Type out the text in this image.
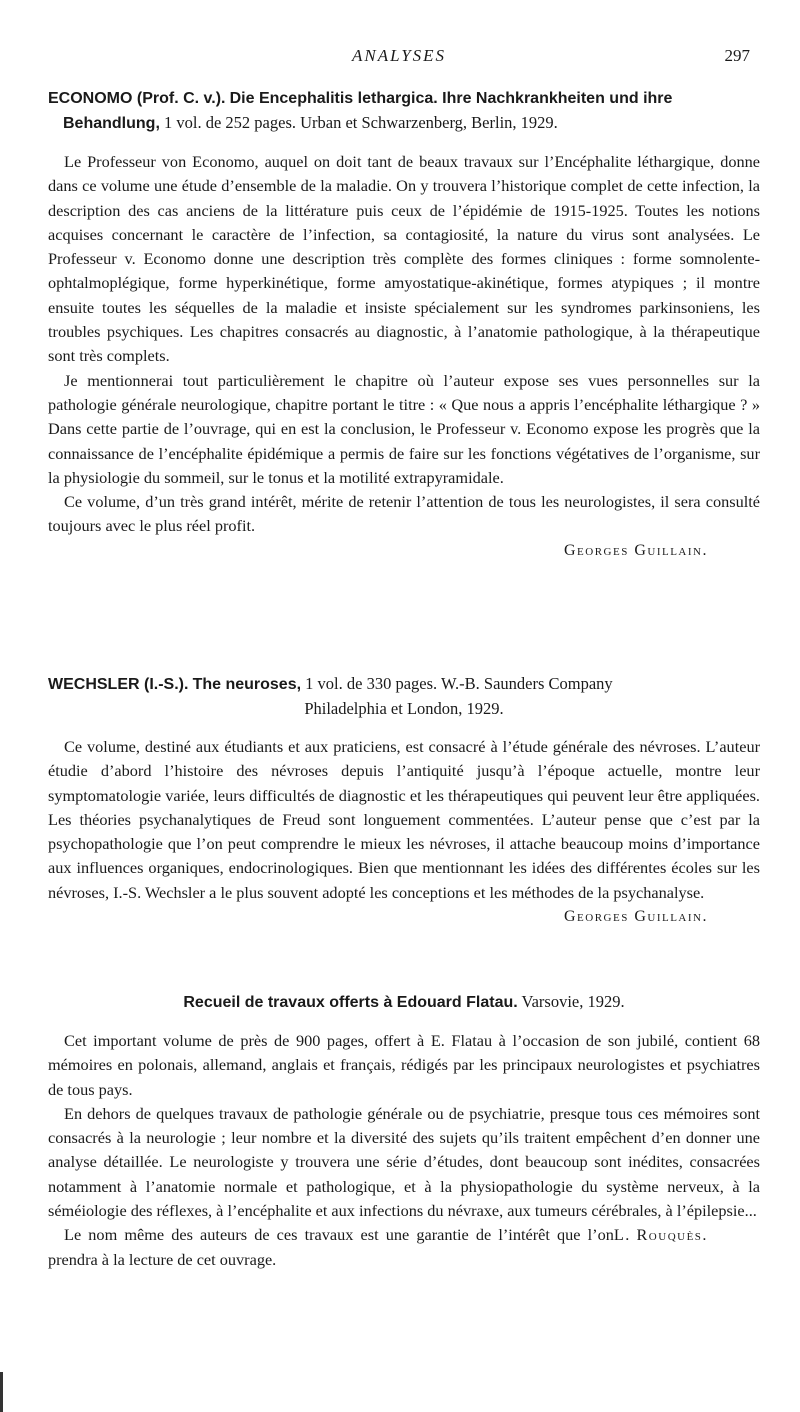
ANALYSES	297

ECONOMO (Prof. C. v.). Die Encephalitis lethargica. Ihre Nachkrankheiten und ihre Behandlung, 1 vol. de 252 pages. Urban et Schwarzenberg, Berlin, 1929.

Le Professeur von Economo, auquel on doit tant de beaux travaux sur l’Encéphalite léthargique, donne dans ce volume une étude d’ensemble de la maladie. On y trouvera l’historique complet de cette infection, la description des cas anciens de la littérature puis ceux de l’épidémie de 1915-1925. Toutes les notions acquises concernant le caractère de l’infection, sa contagiosité, la nature du virus sont analysées. Le Professeur v. Economo donne une description très complète des formes cliniques : forme somnolente-ophtalmoplégique, forme hyperkinétique, forme amyostatique-akinétique, formes atypiques ; il montre ensuite toutes les séquelles de la maladie et insiste spécialement sur les syndromes parkinsoniens, les troubles psychiques. Les chapitres consacrés au diagnostic, à l’anatomie pathologique, à la thérapeutique sont très complets.

Je mentionnerai tout particulièrement le chapitre où l’auteur expose ses vues personnelles sur la pathologie générale neurologique, chapitre portant le titre : « Que nous a appris l’encéphalite léthargique ? » Dans cette partie de l’ouvrage, qui en est la conclusion, le Professeur v. Economo expose les progrès que la connaissance de l’encéphalite épidémique a permis de faire sur les fonctions végétatives de l’organisme, sur la physiologie du sommeil, sur le tonus et la motilité extrapyramidale.

Ce volume, d’un très grand intérêt, mérite de retenir l’attention de tous les neurologistes, il sera consulté toujours avec le plus réel profit.

Georges Guillain.

WECHSLER (I.-S.). The neuroses, 1 vol. de 330 pages. W.-B. Saunders Company
Philadelphia et London, 1929.

Ce volume, destiné aux étudiants et aux praticiens, est consacré à l’étude générale des névroses. L’auteur étudie d’abord l’histoire des névroses depuis l’antiquité jusqu’à l’époque actuelle, montre leur symptomatologie variée, leurs difficultés de diagnostic et les thérapeutiques qui peuvent leur être appliquées. Les théories psychanalytiques de Freud sont longuement commentées. L’auteur pense que c’est par la psychopathologie que l’on peut comprendre le mieux les névroses, il attache beaucoup moins d’importance aux influences organiques, endocrinologiques. Bien que mentionnant les idées des différentes écoles sur les névroses, I.-S. Wechsler a le plus souvent adopté les conceptions et les méthodes de la psychanalyse.

Georges Guillain.

Recueil de travaux offerts à Edouard Flatau. Varsovie, 1929.

Cet important volume de près de 900 pages, offert à E. Flatau à l’occasion de son jubilé, contient 68 mémoires en polonais, allemand, anglais et français, rédigés par les principaux neurologistes et psychiatres de tous pays.

En dehors de quelques travaux de pathologie générale ou de psychiatrie, presque tous ces mémoires sont consacrés à la neurologie ; leur nombre et la diversité des sujets qu’ils traitent empêchent d’en donner une analyse détaillée. Le neurologiste y trouvera une série d’études, dont beaucoup sont inédites, consacrées notamment à l’anatomie normale et pathologique, et à la physiopathologie du système nerveux, à la séméiologie des réflexes, à l’encéphalite et aux infections du névraxe, aux tumeurs cérébrales, à l’épilepsie...

L. Rouquès.
Le nom même des auteurs de ces travaux est une garantie de l’intérêt que l’on prendra à la lecture de cet ouvrage.
